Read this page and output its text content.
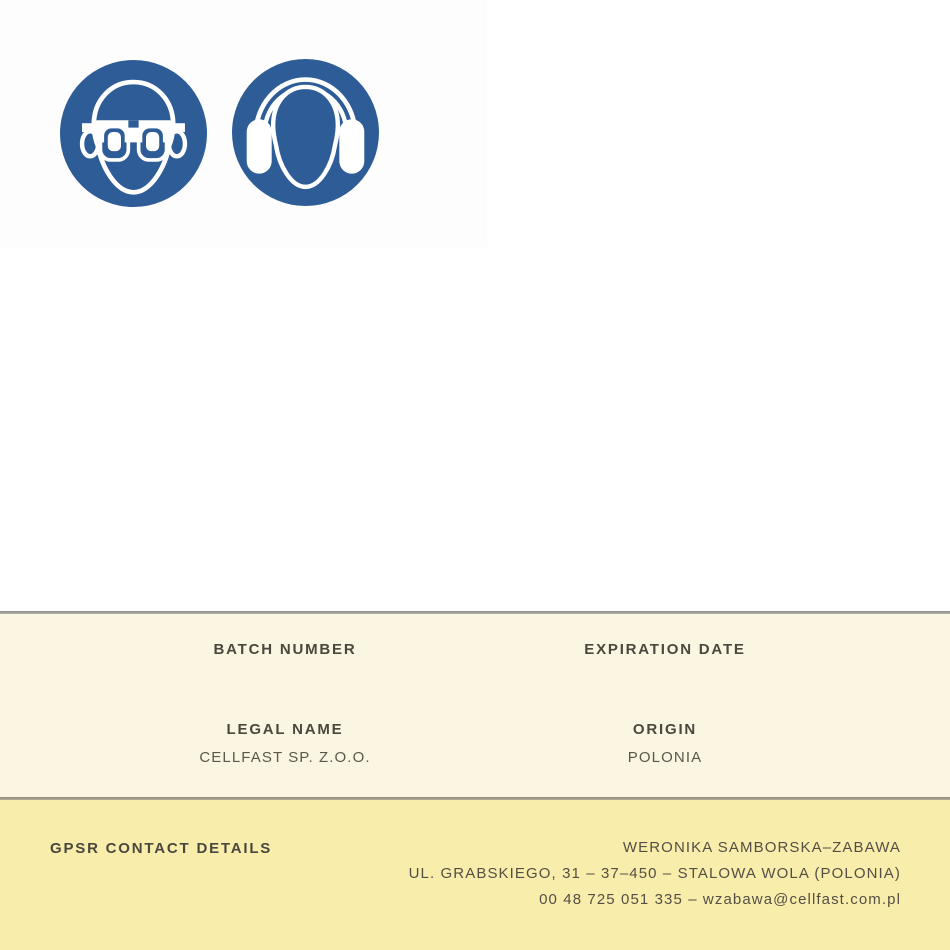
BATCH NUMBER	EXPIRATION DATE
LEGAL NAME
CELLFAST SP. Z.O.O.
ORIGIN
POLONIA
GPSR CONTACT DETAILS	WERONIKA SAMBORSKA–ZABAWA
UL. GRABSKIEGO, 31 – 37–450 – STALOWA WOLA (POLONIA)
00 48 725 051 335 – wzabawa@cellfast.com.pl
